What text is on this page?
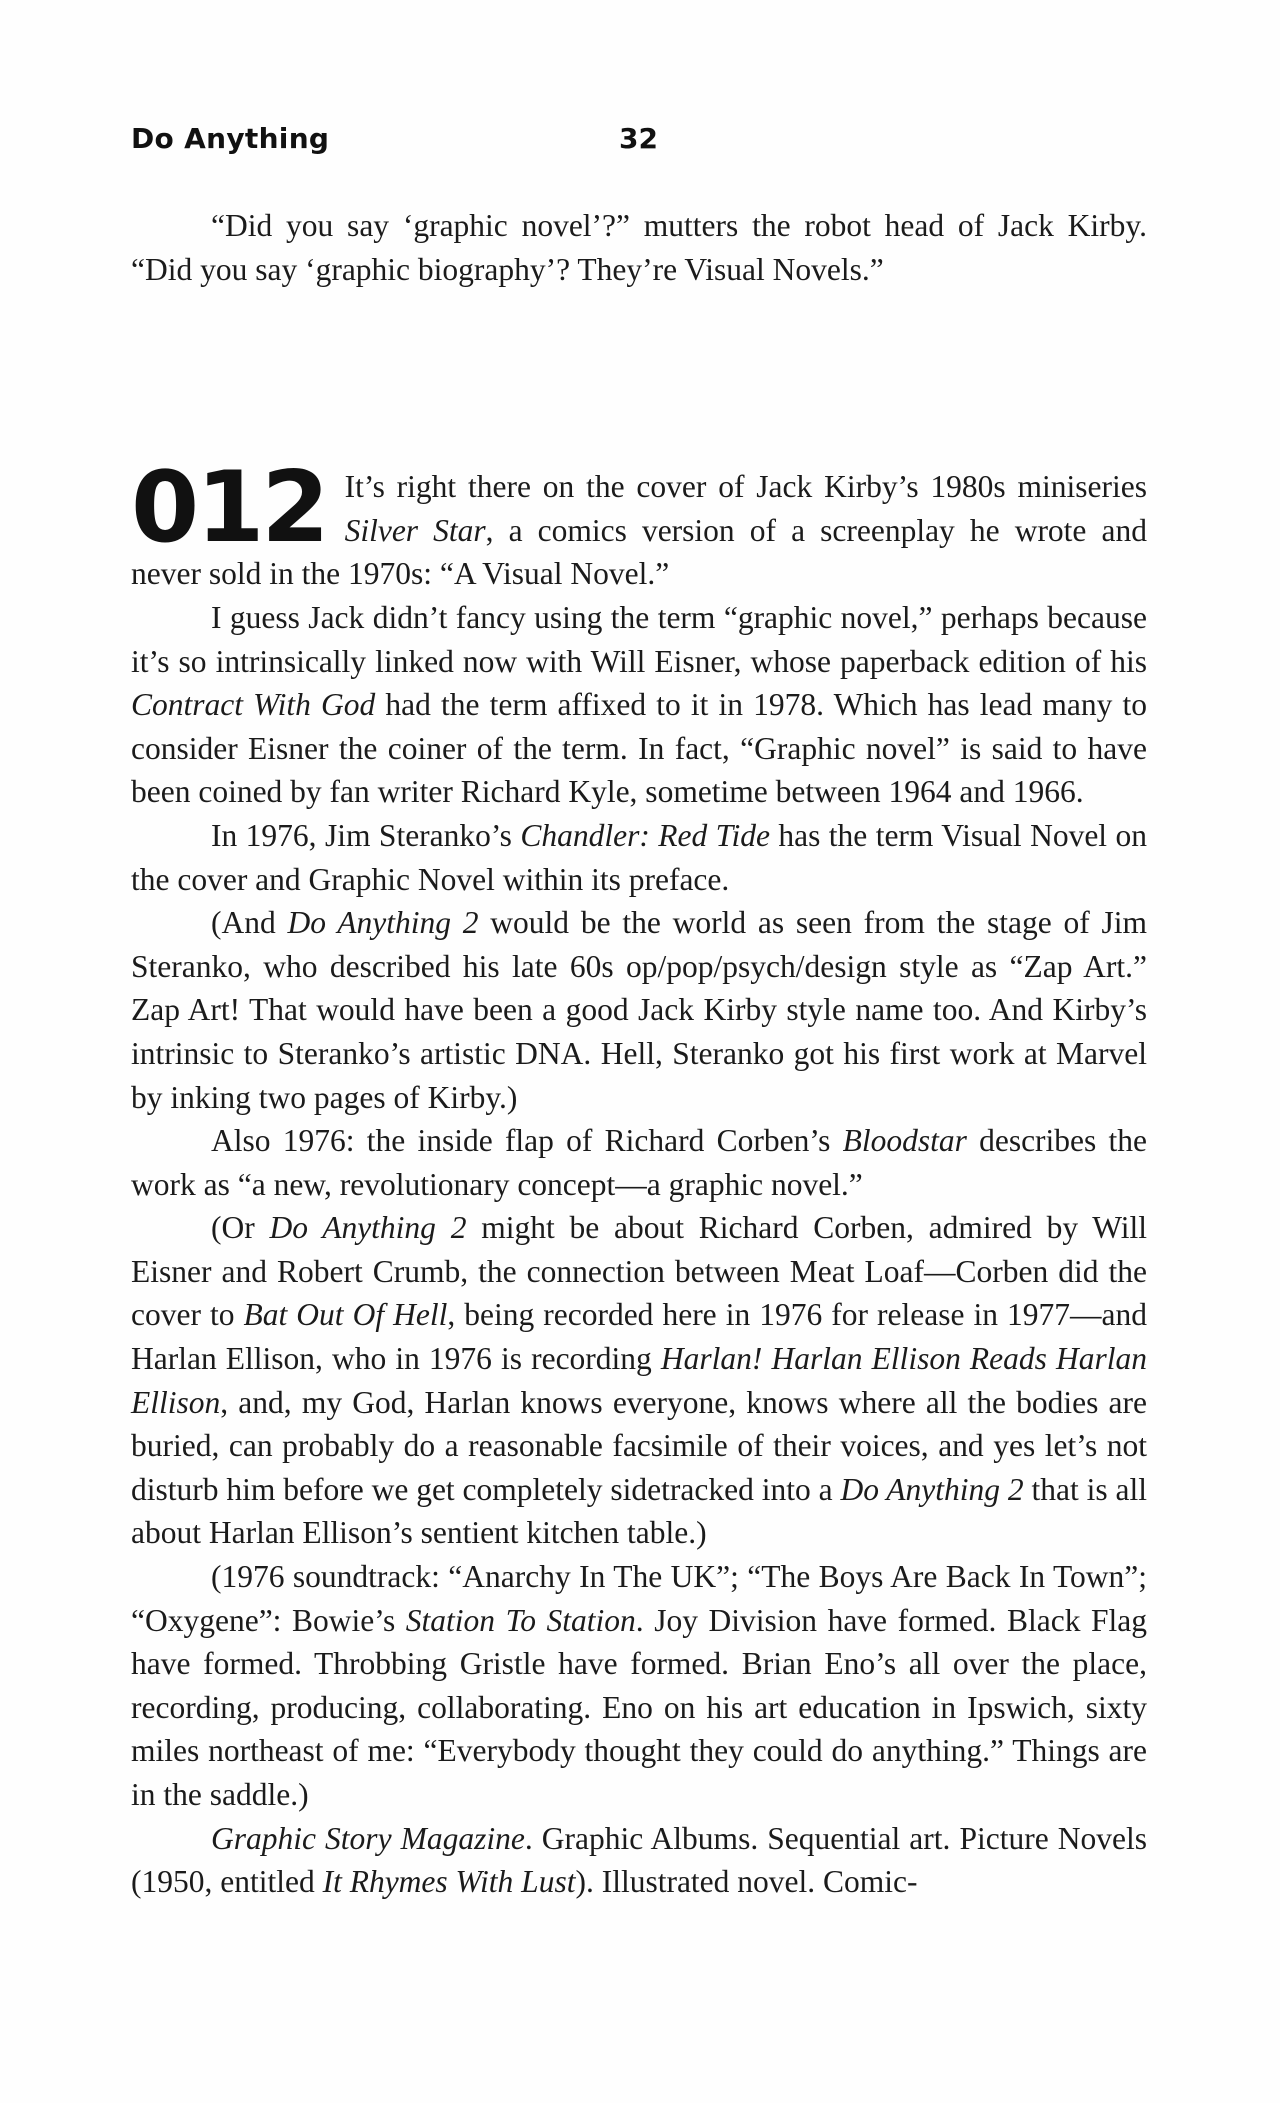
Do Anything	32

“Did you say ‘graphic novel’?” mutters the robot head of Jack Kirby. “Did you say ‘graphic biography’? They’re Visual Novels.”

012 It’s right there on the cover of Jack Kirby’s 1980s miniseries Silver Star, a comics version of a screenplay he wrote and never sold in the 1970s: “A Visual Novel.”

I guess Jack didn’t fancy using the term “graphic novel,” perhaps because it’s so intrinsically linked now with Will Eisner, whose paperback edition of his Contract With God had the term affixed to it in 1978. Which has lead many to consider Eisner the coiner of the term. In fact, “Graphic novel” is said to have been coined by fan writer Richard Kyle, sometime between 1964 and 1966.

In 1976, Jim Steranko’s Chandler: Red Tide has the term Visual Novel on the cover and Graphic Novel within its preface.

(And Do Anything 2 would be the world as seen from the stage of Jim Steranko, who described his late 60s op/pop/psych/design style as “Zap Art.” Zap Art! That would have been a good Jack Kirby style name too. And Kirby’s intrinsic to Steranko’s artistic DNA. Hell, Steranko got his first work at Marvel by inking two pages of Kirby.)

Also 1976: the inside flap of Richard Corben’s Bloodstar describes the work as “a new, revolutionary concept—a graphic novel.”

(Or Do Anything 2 might be about Richard Corben, admired by Will Eisner and Robert Crumb, the connection between Meat Loaf—Corben did the cover to Bat Out Of Hell, being recorded here in 1976 for release in 1977—and Harlan Ellison, who in 1976 is recording Harlan! Harlan Ellison Reads Harlan Ellison, and, my God, Harlan knows everyone, knows where all the bodies are buried, can probably do a reasonable facsimile of their voices, and yes let’s not disturb him before we get completely sidetracked into a Do Anything 2 that is all about Harlan Ellison’s sentient kitchen table.)

(1976 soundtrack: “Anarchy In The UK”; “The Boys Are Back In Town”; “Oxygene”: Bowie’s Station To Station. Joy Division have formed. Black Flag have formed. Throbbing Gristle have formed. Brian Eno’s all over the place, recording, producing, collaborating. Eno on his art education in Ipswich, sixty miles northeast of me: “Everybody thought they could do anything.” Things are in the saddle.)

Graphic Story Magazine. Graphic Albums. Sequential art. Picture Novels (1950, entitled It Rhymes With Lust). Illustrated novel. Comic-
